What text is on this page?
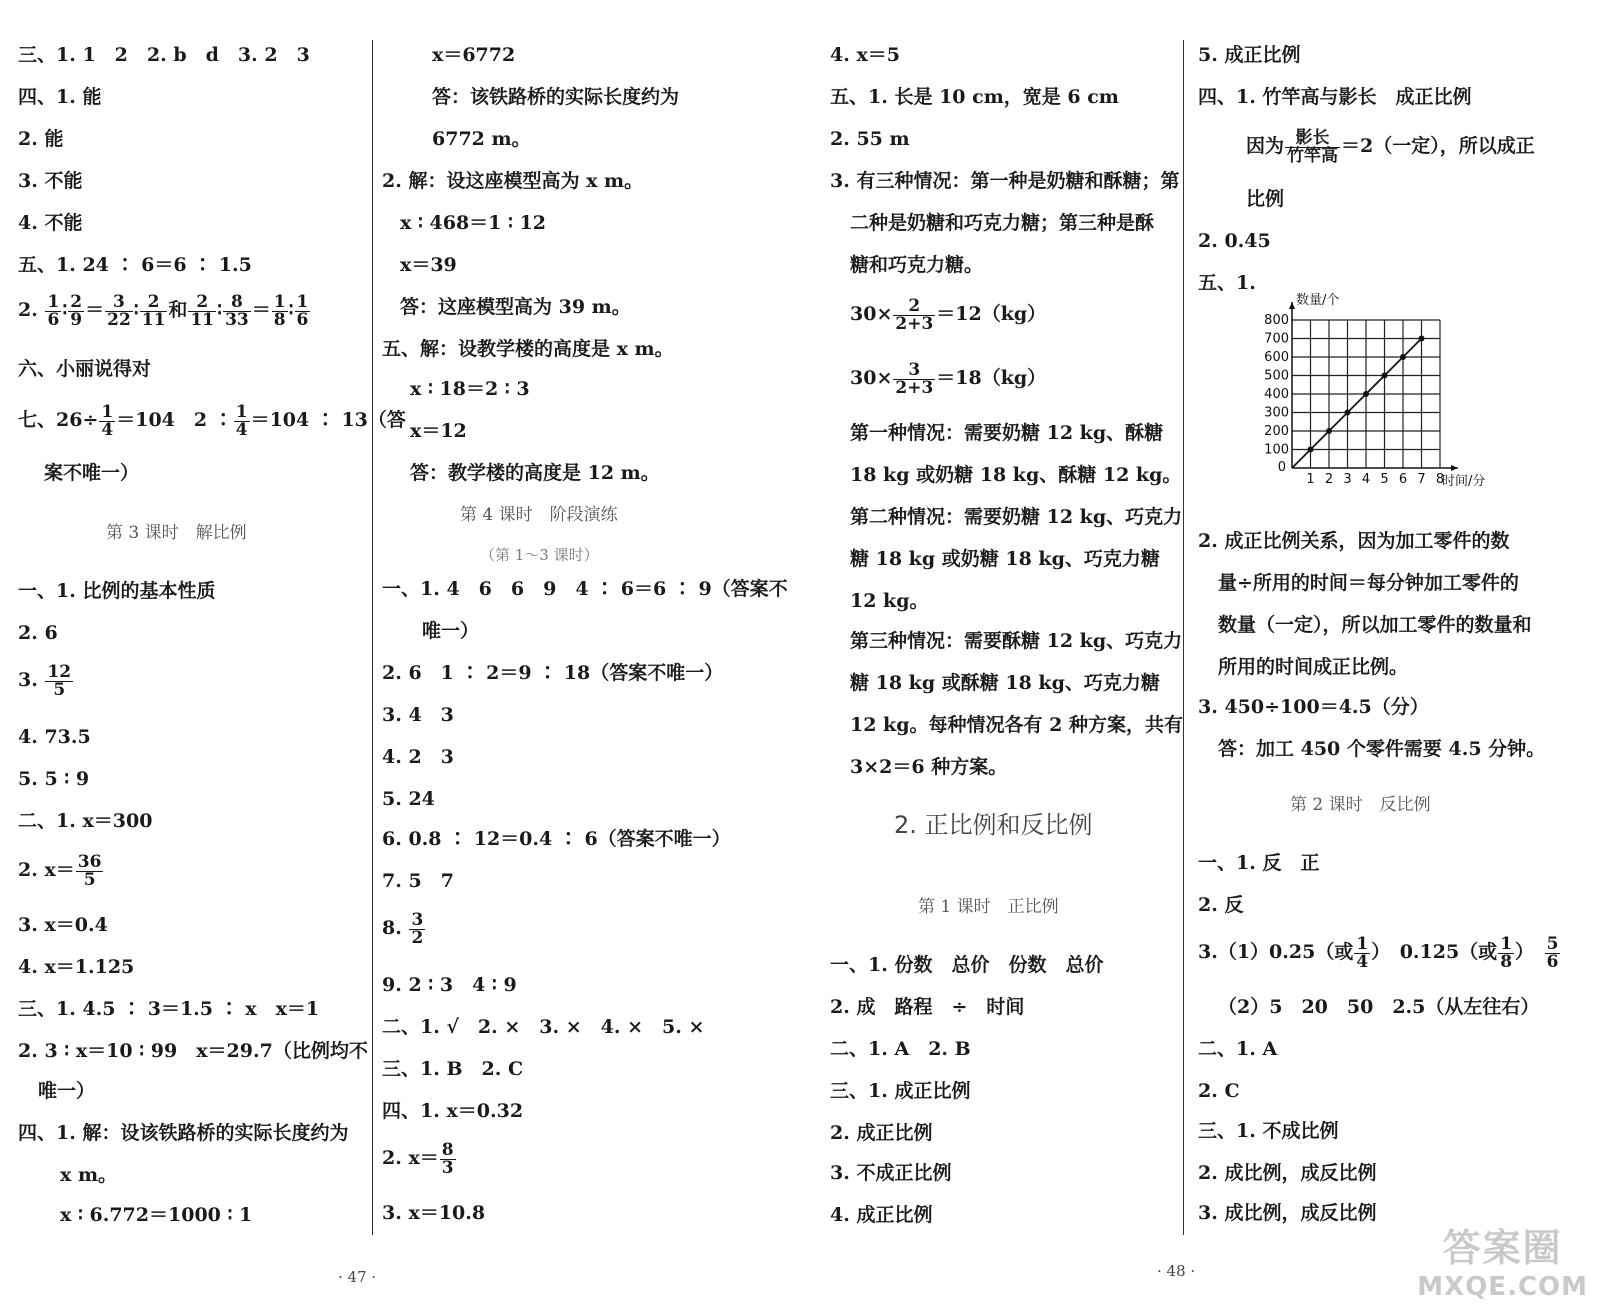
三、1. 1　2　2. b　d　3. 2　3
四、1. 能
2. 能
3. 不能
4. 不能
五、1. 24 ∶ 6＝6 ∶ 1.5
2. $\frac{1}{6}$ ∶ $\frac{2}{9} = \frac{3}{22}$ ∶ $\frac{2}{11}$ 和 $\frac{2}{11}$ ∶ $\frac{8}{33} = \frac{1}{8}$ ∶ $\frac{1}{6}$
六、小丽说得对
七、$26\div \frac{1}{4} =104$　2 ∶ $\frac{1}{4} =104$ ∶ 13（答
案不唯一）
第 3 课时　解比例
一、1. 比例的基本性质
2. 6
3. $\frac{12}{5}$
4. 73.5
5. 5 ∶ 9
二、1. x＝300
2. $x= \frac{36}{5}$
3. x＝0.4
4. x＝1.125
三、1. 4.5 ∶ 3＝1.5 ∶ x　x＝1
2. 3 ∶ x＝10 ∶ 99　x＝29.7（比例均不
唯一）
四、1. 解：设该铁路桥的实际长度约为
x m。
x ∶ 6.772＝1000 ∶ 1
x＝6772
答：该铁路桥的实际长度约为
6772 m。
2. 解：设这座模型高为 x m。
x ∶ 468＝1 ∶ 12
x＝39
答：这座模型高为 39 m。
五、解：设教学楼的高度是 x m。
x ∶ 18＝2 ∶ 3
x＝12
答：教学楼的高度是 12 m。
第 4 课时　阶段演练
（第 1～3 课时）
一、1. 4　6　6　9　4 ∶ 6＝6 ∶ 9（答案不
唯一）
2. 6　1 ∶ 2＝9 ∶ 18（答案不唯一）
3. 4　3
4. 2　3
5. 24
6. 0.8 ∶ 12＝0.4 ∶ 6（答案不唯一）
7. 5　7
8. $\frac{3}{2}$
9. 2 ∶ 3　4 ∶ 9
二、1. √　2. ×　3. ×　4. ×　5. ×
三、1. B　2. C
四、1. x＝0.32
2. $x= \frac{8}{3}$
3. x＝10.8
4. x＝5
五、1. 长是 10 cm，宽是 6 cm
2. 55 m
3. 有三种情况：第一种是奶糖和酥糖；第
二种是奶糖和巧克力糖；第三种是酥
糖和巧克力糖。
$30\times \frac{2}{2+3} =12(kg)$
$30\times \frac{3}{2+3} =18(kg)$
第一种情况：需要奶糖 12 kg、酥糖
18 kg 或奶糖 18 kg、酥糖 12 kg。
第二种情况：需要奶糖 12 kg、巧克力
糖 18 kg 或奶糖 18 kg、巧克力糖
12 kg。
第三种情况：需要酥糖 12 kg、巧克力
糖 18 kg 或酥糖 18 kg、巧克力糖
12 kg。每种情况各有 2 种方案，共有
3×2＝6 种方案。
2. 正比例和反比例
第 1 课时　正比例
一、1. 份数　总价　份数　总价
2. 成　路程　÷　时间
二、1. A　2. B
三、1. 成正比例
2. 成正比例
3. 不成正比例
4. 成正比例
5. 成正比例
四、1. 竹竿高与影长　成正比例
因为 $\frac{\text{影长}}{\text{竹竿高}} =2$（一定），所以成正
比例
2. 0.45
五、1.
1 2 3 4 5 6 7 8
100
200
300
400
500
600
700
800
0
数量/个
时间/分
2. 成正比例关系，因为加工零件的数
量÷所用的时间＝每分钟加工零件的
数量（一定），所以加工零件的数量和
所用的时间成正比例。
3. 450÷100＝4.5（分）
答：加工 450 个零件需要 4.5 分钟。
第 2 课时　反比例
一、1. 反　正
2. 反
3.（1）0.25（或 $\frac{1}{4}$ ）　0.125（或 $\frac{1}{8}$ ）　 $\frac{5}{6}$
（2）5　20　50　2.5（从左往右）
二、1. A
2. C
三、1. 不成比例
2. 成比例，成反比例
3. 成比例，成反比例
· 47 ·	· 48 ·
答案圈
MXQE.COM
